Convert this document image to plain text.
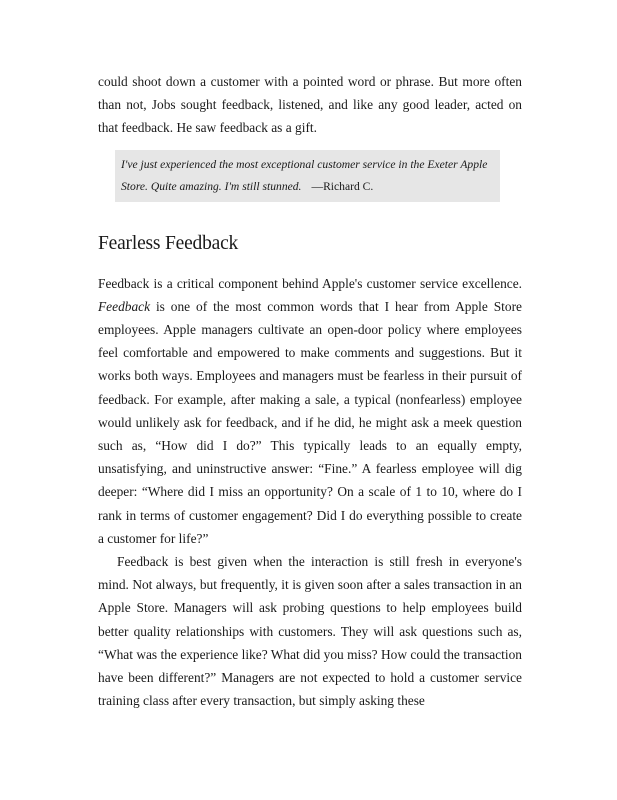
could shoot down a customer with a pointed word or phrase. But more often than not, Jobs sought feedback, listened, and like any good leader, acted on that feedback. He saw feedback as a gift.

I've just experienced the most exceptional customer service in the Exeter Apple Store. Quite amazing. I'm still stunned. —Richard C.
Fearless Feedback

Feedback is a critical component behind Apple's customer service excellence. Feedback is one of the most common words that I hear from Apple Store employees. Apple managers cultivate an open-door policy where employees feel comfortable and empowered to make comments and suggestions. But it works both ways. Employees and managers must be fearless in their pursuit of feedback. For example, after making a sale, a typical (nonfearless) employee would unlikely ask for feedback, and if he did, he might ask a meek question such as, “How did I do?” This typically leads to an equally empty, unsatisfying, and uninstructive answer: “Fine.” A fearless employee will dig deeper: “Where did I miss an opportunity? On a scale of 1 to 10, where do I rank in terms of customer engagement? Did I do everything possible to create a customer for life?”

Feedback is best given when the interaction is still fresh in everyone's mind. Not always, but frequently, it is given soon after a sales transaction in an Apple Store. Managers will ask probing questions to help employees build better quality relationships with customers. They will ask questions such as, “What was the experience like? What did you miss? How could the transaction have been different?” Managers are not expected to hold a customer service training class after every transaction, but simply asking these
